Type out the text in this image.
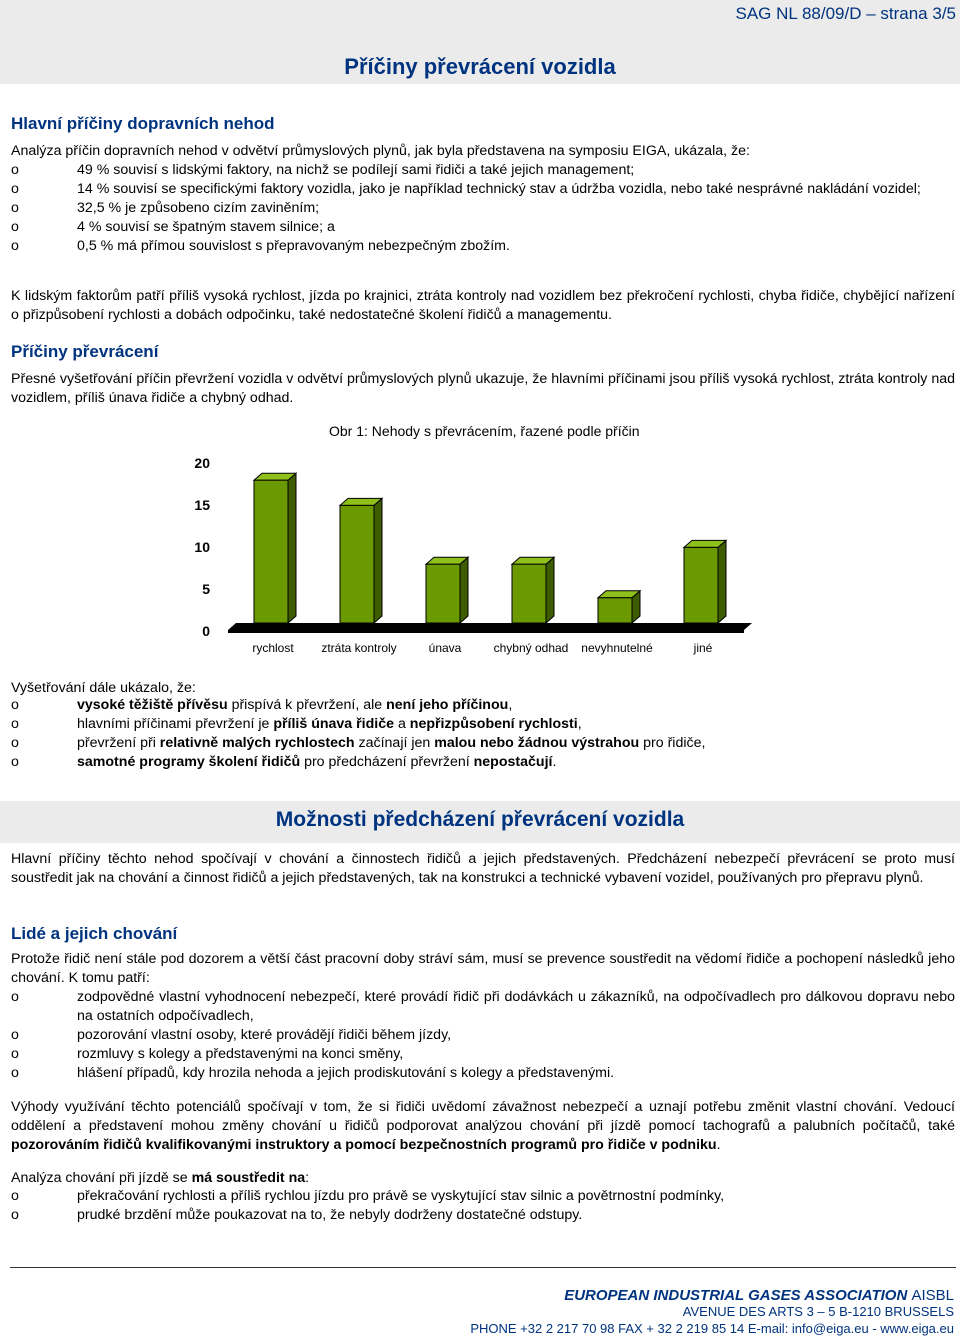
SAG NL 88/09/D – strana 3/5
Příčiny převrácení vozidla
Hlavní příčiny dopravních nehod
Analýza příčin dopravních nehod v odvětví průmyslových plynů, jak byla představena na symposiu EIGA, ukázala, že:
o	49 % souvisí s lidskými faktory, na nichž se podílejí sami řidiči a také jejich management;
o	14 % souvisí se specifickými faktory vozidla, jako je například technický stav a údržba vozidla, nebo také nesprávné nakládání vozidel;
o	32,5 % je způsobeno cizím zaviněním;
o	4 % souvisí se špatným stavem silnice; a
o	0,5 % má přímou souvislost s přepravovaným nebezpečným zbožím.
K lidským faktorům patří příliš vysoká rychlost, jízda po krajnici, ztráta kontroly nad vozidlem bez překročení rychlosti, chyba řidiče, chybějící nařízení o přizpůsobení rychlosti a dobách odpočinku, také nedostatečné školení řidičů a managementu.
Příčiny převrácení
Přesné vyšetřování příčin převržení vozidla v odvětví průmyslových plynů ukazuje, že hlavními příčinami jsou příliš vysoká rychlost, ztráta kontroly nad vozidlem, příliš únava řidiče a chybný odhad.
Obr 1: Nehody s převrácením, řazené podle příčin
0
5
10
15
20
rychlost ztráta kontroly	únava	chybný odhad nevyhnutelné	jiné
Vyšetřování dále ukázalo, že:
o	vysoké těžiště přívěsu přispívá k převržení, ale není jeho příčinou,
o	hlavními příčinami převržení je příliš únava řidiče a nepřizpůsobení rychlosti,
o	převržení při relativně malých rychlostech začínají jen malou nebo žádnou výstrahou pro řidiče,
o	samotné programy školení řidičů pro předcházení převržení nepostačují.
Možnosti předcházení převrácení vozidla
Hlavní příčiny těchto nehod spočívají v chování a činnostech řidičů a jejich představených. Předcházení nebezpečí převrácení se proto musí soustředit jak na chování a činnost řidičů a jejich představených, tak na konstrukci a technické vybavení vozidel, používaných pro přepravu plynů.
Lidé a jejich chování
Protože řidič není stále pod dozorem a větší část pracovní doby stráví sám, musí se prevence soustředit na vědomí řidiče a pochopení následků jeho chování. K tomu patří:
o	zodpovědné vlastní vyhodnocení nebezpečí, které provádí řidič při dodávkách u zákazníků, na odpočívadlech pro dálkovou dopravu nebo na ostatních odpočívadlech,
o	pozorování vlastní osoby, které provádějí řidiči během jízdy,
o	rozmluvy s kolegy a představenými na konci směny,
o	hlášení případů, kdy hrozila nehoda a jejich prodiskutování s kolegy a představenými.
Výhody využívání těchto potenciálů spočívají v tom, že si řidiči uvědomí závažnost nebezpečí a uznají potřebu změnit vlastní chování. Vedoucí oddělení a představení mohou změny chování u řidičů podporovat analýzou chování při jízdě pomocí tachografů a palubních počítačů, také pozorováním řidičů kvalifikovanými instruktory a pomocí bezpečnostních programů pro řidiče v podniku.
Analýza chování při jízdě se má soustředit na:
o	překračování rychlosti a příliš rychlou jízdu pro právě se vyskytující stav silnic a povětrnostní podmínky,
o	prudké brzdění může poukazovat na to, že nebyly dodrženy dostatečné odstupy.
EUROPEAN INDUSTRIAL GASES ASSOCIATION AISBL
AVENUE DES ARTS 3 – 5 B-1210 BRUSSELS
PHONE +32 2 217 70 98 FAX + 32 2 219 85 14 E-mail: info@eiga.eu - www.eiga.eu
